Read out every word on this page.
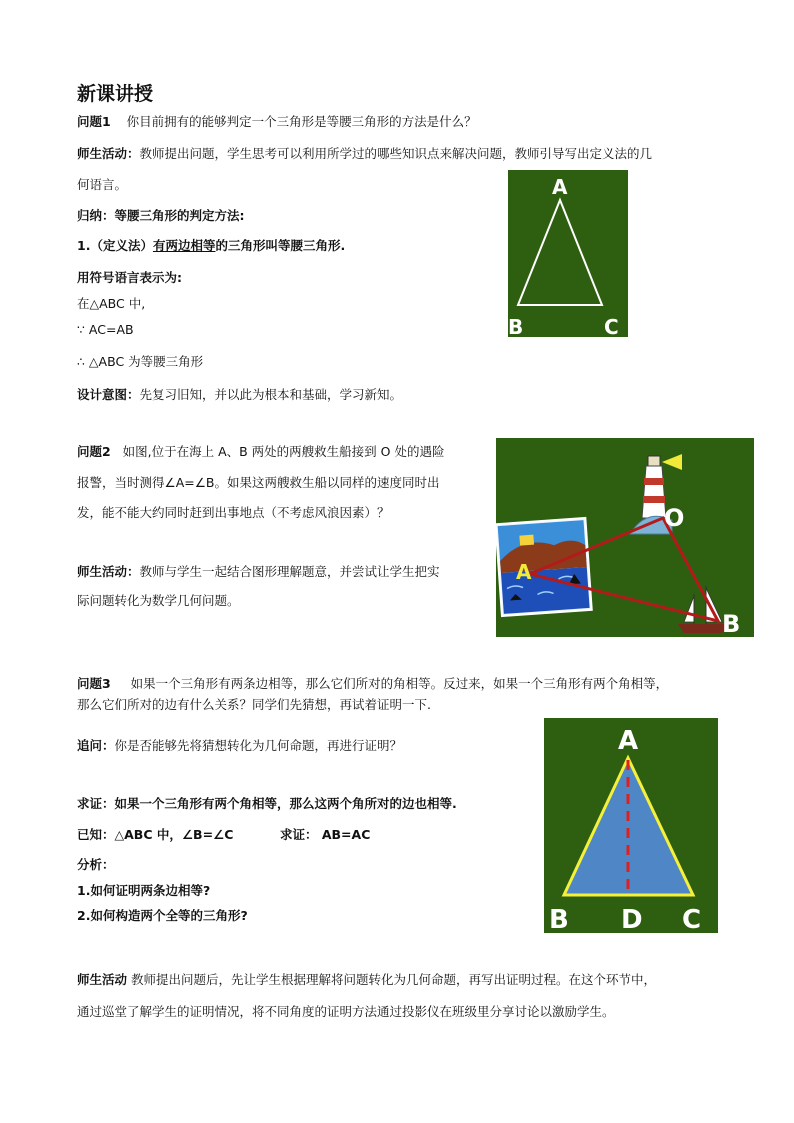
新课讲授
问题1 你目前拥有的能够判定一个三角形是等腰三角形的方法是什么？
师生活动：教师提出问题，学生思考可以利用所学过的哪些知识点来解决问题，教师引导写出定义法的几
何语言。
归纳：等腰三角形的判定方法:
1.（定义法）有两边相等的三角形叫等腰三角形.
用符号语言表示为:
在△ABC 中,
∵ AC=AB
∴ △ABC 为等腰三角形
设计意图：先复习旧知，并以此为根本和基础，学习新知。
A
B	C
问题2 如图,位于在海上 A、B 两处的两艘救生船接到 O 处的遇险
报警，当时测得∠A=∠B。如果这两艘救生船以同样的速度同时出
发，能不能大约同时赶到出事地点（不考虑风浪因素）？
师生活动：教师与学生一起结合图形理解题意，并尝试让学生把实
际问题转化为数学几何问题。
A
O
B
问题3 如果一个三角形有两条边相等，那么它们所对的角相等。反过来，如果一个三角形有两个角相等，
那么它们所对的边有什么关系？同学们先猜想，再试着证明一下.
追问：你是否能够先将猜想转化为几何命题，再进行证明？
求证：如果一个三角形有两个角相等，那么这两个角所对的边也相等.
已知：△ABC 中，∠B=∠C	求证： AB=AC
分析：
1.如何证明两条边相等?
2.如何构造两个全等的三角形?
师生活动 教师提出问题后，先让学生根据理解将问题转化为几何命题，再写出证明过程。在这个环节中，
通过巡堂了解学生的证明情况，将不同角度的证明方法通过投影仪在班级里分享讨论以激励学生。
A
B D C
